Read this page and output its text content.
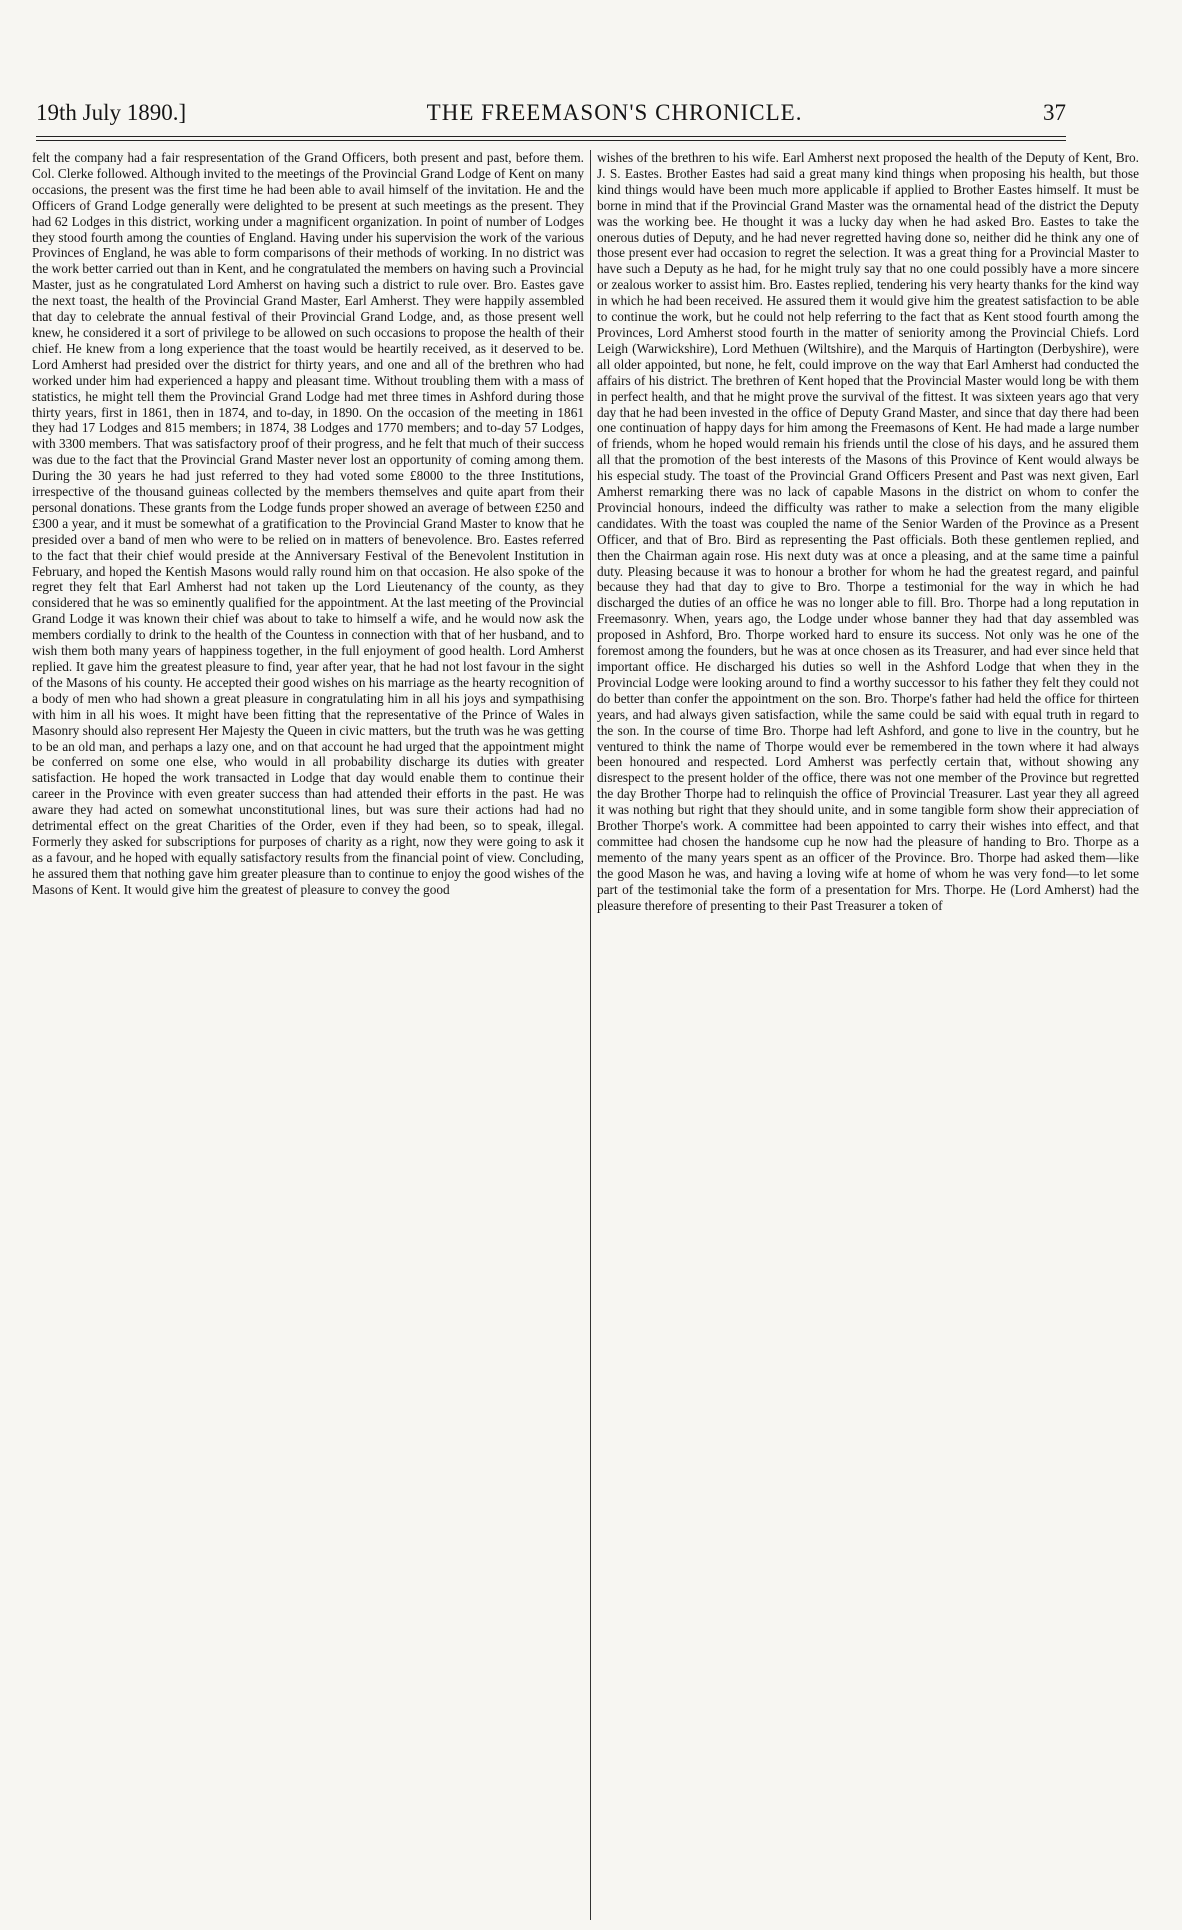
19th July 1890.]	THE FREEMASON'S CHRONICLE.	37

felt the company had a fair respresentation of the Grand Officers, both present and past, before them. Col. Clerke followed. Although invited to the meetings of the Provincial Grand Lodge of Kent on many occasions, the present was the first time he had been able to avail himself of the invitation. He and the Officers of Grand Lodge generally were delighted to be present at such meetings as the present. They had 62 Lodges in this district, working under a magnificent organization. In point of number of Lodges they stood fourth among the counties of England. Having under his supervision the work of the various Provinces of England, he was able to form comparisons of their methods of working. In no district was the work better carried out than in Kent, and he congratulated the members on having such a Provincial Master, just as he congratulated Lord Amherst on having such a district to rule over. Bro. Eastes gave the next toast, the health of the Provincial Grand Master, Earl Amherst. They were happily assembled that day to celebrate the annual festival of their Provincial Grand Lodge, and, as those present well knew, he considered it a sort of privilege to be allowed on such occasions to propose the health of their chief. He knew from a long experience that the toast would be heartily received, as it deserved to be. Lord Amherst had presided over the district for thirty years, and one and all of the brethren who had worked under him had experienced a happy and pleasant time. Without troubling them with a mass of statistics, he might tell them the Provincial Grand Lodge had met three times in Ashford during those thirty years, first in 1861, then in 1874, and to-day, in 1890. On the occasion of the meeting in 1861 they had 17 Lodges and 815 members; in 1874, 38 Lodges and 1770 members; and to-day 57 Lodges, with 3300 members. That was satisfactory proof of their progress, and he felt that much of their success was due to the fact that the Provincial Grand Master never lost an opportunity of coming among them. During the 30 years he had just referred to they had voted some £8000 to the three Institutions, irrespective of the thousand guineas collected by the members themselves and quite apart from their personal donations. These grants from the Lodge funds proper showed an average of between £250 and £300 a year, and it must be somewhat of a gratification to the Provincial Grand Master to know that he presided over a band of men who were to be relied on in matters of benevolence. Bro. Eastes referred to the fact that their chief would preside at the Anniversary Festival of the Benevolent Institution in February, and hoped the Kentish Masons would rally round him on that occasion. He also spoke of the regret they felt that Earl Amherst had not taken up the Lord Lieutenancy of the county, as they considered that he was so eminently qualified for the appointment. At the last meeting of the Provincial Grand Lodge it was known their chief was about to take to himself a wife, and he would now ask the members cordially to drink to the health of the Countess in connection with that of her husband, and to wish them both many years of happiness together, in the full enjoyment of good health. Lord Amherst replied. It gave him the greatest pleasure to find, year after year, that he had not lost favour in the sight of the Masons of his county. He accepted their good wishes on his marriage as the hearty recognition of a body of men who had shown a great pleasure in congratulating him in all his joys and sympathising with him in all his woes. It might have been fitting that the representative of the Prince of Wales in Masonry should also represent Her Majesty the Queen in civic matters, but the truth was he was getting to be an old man, and perhaps a lazy one, and on that account he had urged that the appointment might be conferred on some one else, who would in all probability discharge its duties with greater satisfaction. He hoped the work transacted in Lodge that day would enable them to continue their career in the Province with even greater success than had attended their efforts in the past. He was aware they had acted on somewhat unconstitutional lines, but was sure their actions had had no detrimental effect on the great Charities of the Order, even if they had been, so to speak, illegal. Formerly they asked for subscriptions for purposes of charity as a right, now they were going to ask it as a favour, and he hoped with equally satisfactory results from the financial point of view. Concluding, he assured them that nothing gave him greater pleasure than to continue to enjoy the good wishes of the Masons of Kent. It would give him the greatest of pleasure to convey the good

wishes of the brethren to his wife. Earl Amherst next proposed the health of the Deputy of Kent, Bro. J. S. Eastes. Brother Eastes had said a great many kind things when proposing his health, but those kind things would have been much more applicable if applied to Brother Eastes himself. It must be borne in mind that if the Provincial Grand Master was the ornamental head of the district the Deputy was the working bee. He thought it was a lucky day when he had asked Bro. Eastes to take the onerous duties of Deputy, and he had never regretted having done so, neither did he think any one of those present ever had occasion to regret the selection. It was a great thing for a Provincial Master to have such a Deputy as he had, for he might truly say that no one could possibly have a more sincere or zealous worker to assist him. Bro. Eastes replied, tendering his very hearty thanks for the kind way in which he had been received. He assured them it would give him the greatest satisfaction to be able to continue the work, but he could not help referring to the fact that as Kent stood fourth among the Provinces, Lord Amherst stood fourth in the matter of seniority among the Provincial Chiefs. Lord Leigh (Warwickshire), Lord Methuen (Wiltshire), and the Marquis of Hartington (Derbyshire), were all older appointed, but none, he felt, could improve on the way that Earl Amherst had conducted the affairs of his district. The brethren of Kent hoped that the Provincial Master would long be with them in perfect health, and that he might prove the survival of the fittest. It was sixteen years ago that very day that he had been invested in the office of Deputy Grand Master, and since that day there had been one continuation of happy days for him among the Freemasons of Kent. He had made a large number of friends, whom he hoped would remain his friends until the close of his days, and he assured them all that the promotion of the best interests of the Masons of this Province of Kent would always be his especial study. The toast of the Provincial Grand Officers Present and Past was next given, Earl Amherst remarking there was no lack of capable Masons in the district on whom to confer the Provincial honours, indeed the difficulty was rather to make a selection from the many eligible candidates. With the toast was coupled the name of the Senior Warden of the Province as a Present Officer, and that of Bro. Bird as representing the Past officials. Both these gentlemen replied, and then the Chairman again rose. His next duty was at once a pleasing, and at the same time a painful duty. Pleasing because it was to honour a brother for whom he had the greatest regard, and painful because they had that day to give to Bro. Thorpe a testimonial for the way in which he had discharged the duties of an office he was no longer able to fill. Bro. Thorpe had a long reputation in Freemasonry. When, years ago, the Lodge under whose banner they had that day assembled was proposed in Ashford, Bro. Thorpe worked hard to ensure its success. Not only was he one of the foremost among the founders, but he was at once chosen as its Treasurer, and had ever since held that important office. He discharged his duties so well in the Ashford Lodge that when they in the Provincial Lodge were looking around to find a worthy successor to his father they felt they could not do better than confer the appointment on the son. Bro. Thorpe's father had held the office for thirteen years, and had always given satisfaction, while the same could be said with equal truth in regard to the son. In the course of time Bro. Thorpe had left Ashford, and gone to live in the country, but he ventured to think the name of Thorpe would ever be remembered in the town where it had always been honoured and respected. Lord Amherst was perfectly certain that, without showing any disrespect to the present holder of the office, there was not one member of the Province but regretted the day Brother Thorpe had to relinquish the office of Provincial Treasurer. Last year they all agreed it was nothing but right that they should unite, and in some tangible form show their appreciation of Brother Thorpe's work. A committee had been appointed to carry their wishes into effect, and that committee had chosen the handsome cup he now had the pleasure of handing to Bro. Thorpe as a memento of the many years spent as an officer of the Province. Bro. Thorpe had asked them—like the good Mason he was, and having a loving wife at home of whom he was very fond—to let some part of the testimonial take the form of a presentation for Mrs. Thorpe. He (Lord Amherst) had the pleasure therefore of presenting to their Past Treasurer a token of
